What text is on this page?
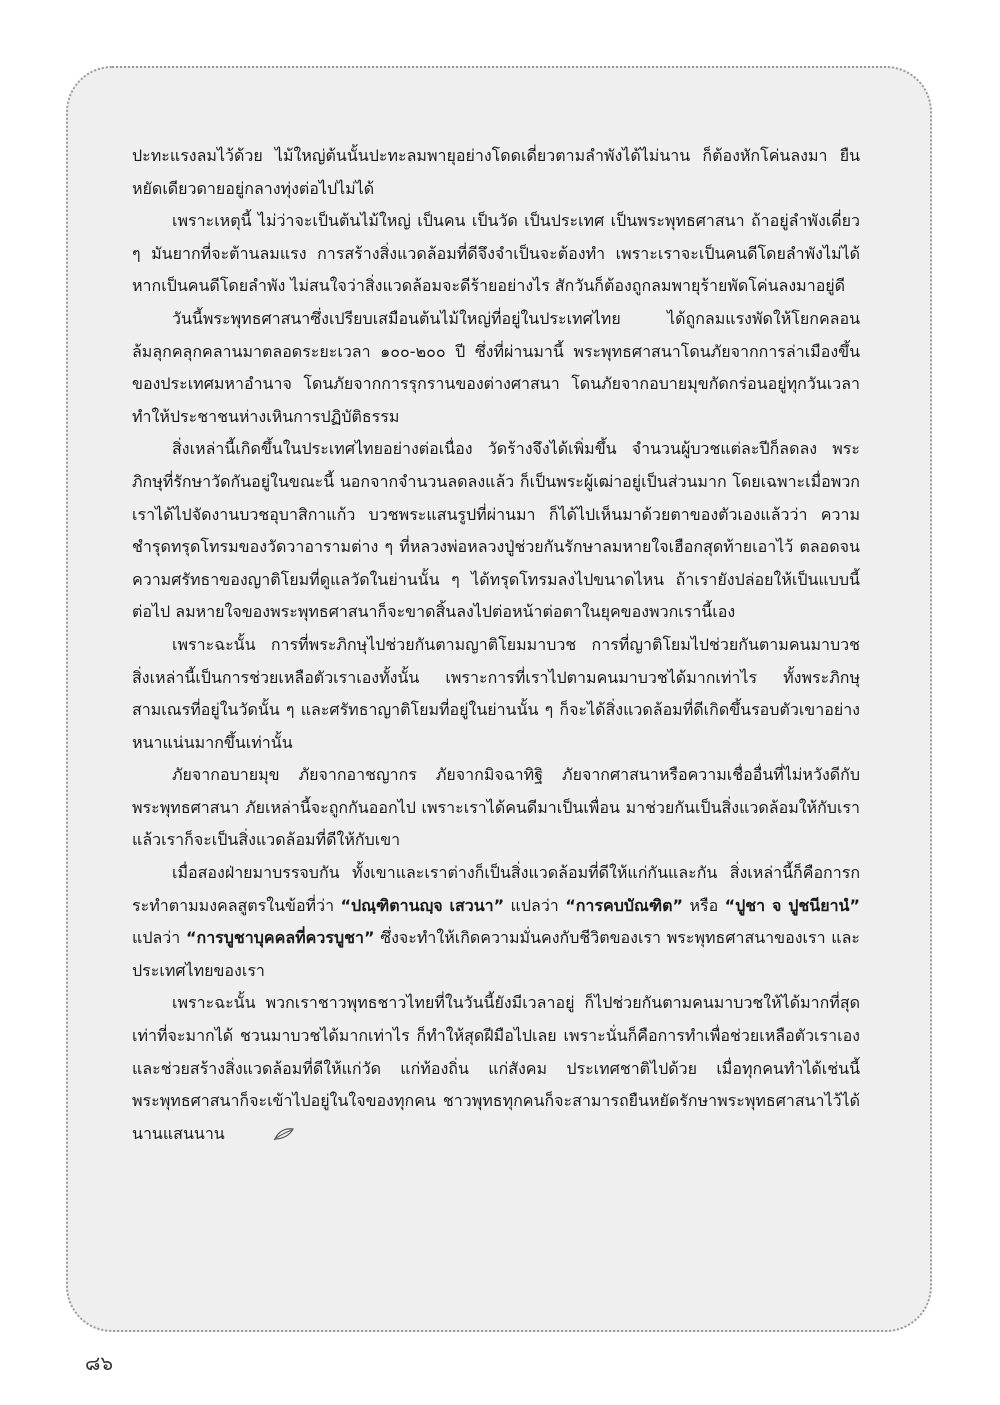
ปะทะแรงลมไว้ด้วย ไม้ใหญ่ต้นนั้นปะทะลมพายุอย่างโดดเดี่ยวตามลำพังได้ไม่นาน ก็ต้องหักโค่นลงมา ยืนหยัดเดียวดายอยู่กลางทุ่งต่อไปไม่ได้

เพราะเหตุนี้ ไม่ว่าจะเป็นต้นไม้ใหญ่ เป็นคน เป็นวัด เป็นประเทศ เป็นพระพุทธศาสนา ถ้าอยู่ลำพังเดี่ยว ๆ มันยากที่จะต้านลมแรง การสร้างสิ่งแวดล้อมที่ดีจึงจำเป็นจะต้องทำ เพราะเราจะเป็นคนดีโดยลำพังไม่ได้ หากเป็นคนดีโดยลำพัง ไม่สนใจว่าสิ่งแวดล้อมจะดีร้ายอย่างไร สักวันก็ต้องถูกลมพายุร้ายพัดโค่นลงมาอยู่ดี

วันนี้พระพุทธศาสนาซึ่งเปรียบเสมือนต้นไม้ใหญ่ที่อยู่ในประเทศไทย ได้ถูกลมแรงพัดให้โยกคลอน ล้มลุกคลุกคลานมาตลอดระยะเวลา ๑๐๐-๒๐๐ ปี ซึ่งที่ผ่านมานี้ พระพุทธศาสนาโดนภัยจากการล่าเมืองขึ้นของประเทศมหาอำนาจ โดนภัยจากการรุกรานของต่างศาสนา โดนภัยจากอบายมุขกัดกร่อนอยู่ทุกวันเวลา ทำให้ประชาชนห่างเหินการปฏิบัติธรรม

สิ่งเหล่านี้เกิดขึ้นในประเทศไทยอย่างต่อเนื่อง วัดร้างจึงได้เพิ่มขึ้น จำนวนผู้บวชแต่ละปีก็ลดลง พระภิกษุที่รักษาวัดกันอยู่ในขณะนี้ นอกจากจำนวนลดลงแล้ว ก็เป็นพระผู้เฒ่าอยู่เป็นส่วนมาก โดยเฉพาะเมื่อพวกเราได้ไปจัดงานบวชอุบาสิกาแก้ว บวชพระแสนรูปที่ผ่านมา ก็ได้ไปเห็นมาด้วยตาของตัวเองแล้วว่า ความชำรุดทรุดโทรมของวัดวาอารามต่าง ๆ ที่หลวงพ่อหลวงปู่ช่วยกันรักษาลมหายใจเฮือกสุดท้ายเอาไว้ ตลอดจนความศรัทธาของญาติโยมที่ดูแลวัดในย่านนั้น ๆ ได้ทรุดโทรมลงไปขนาดไหน ถ้าเรายังปล่อยให้เป็นแบบนี้ต่อไป ลมหายใจของพระพุทธศาสนาก็จะขาดสิ้นลงไปต่อหน้าต่อตาในยุคของพวกเรานี้เอง

เพราะฉะนั้น การที่พระภิกษุไปช่วยกันตามญาติโยมมาบวช การที่ญาติโยมไปช่วยกันตามคนมาบวช สิ่งเหล่านี้เป็นการช่วยเหลือตัวเราเองทั้งนั้น เพราะการที่เราไปตามคนมาบวชได้มากเท่าไร ทั้งพระภิกษุสามเณรที่อยู่ในวัดนั้น ๆ และศรัทธาญาติโยมที่อยู่ในย่านนั้น ๆ ก็จะได้สิ่งแวดล้อมที่ดีเกิดขึ้นรอบตัวเขาอย่างหนาแน่นมากขึ้นเท่านั้น

ภัยจากอบายมุข ภัยจากอาชญากร ภัยจากมิจฉาทิฐิ ภัยจากศาสนาหรือความเชื่ออื่นที่ไม่หวังดีกับพระพุทธศาสนา ภัยเหล่านี้จะถูกกันออกไป เพราะเราได้คนดีมาเป็นเพื่อน มาช่วยกันเป็นสิ่งแวดล้อมให้กับเรา แล้วเราก็จะเป็นสิ่งแวดล้อมที่ดีให้กับเขา

เมื่อสองฝ่ายมาบรรจบกัน ทั้งเขาและเราต่างก็เป็นสิ่งแวดล้อมที่ดีให้แก่กันและกัน สิ่งเหล่านี้ก็คือการกระทำตามมงคลสูตรในข้อที่ว่า “ปณฺฑิตานญฺจ เสวนา” แปลว่า “การคบบัณฑิต” หรือ “ปูชา จ ปูชนียานํ” แปลว่า “การบูชาบุคคลที่ควรบูชา” ซึ่งจะทำให้เกิดความมั่นคงกับชีวิตของเรา พระพุทธศาสนาของเรา และประเทศไทยของเรา

เพราะฉะนั้น พวกเราชาวพุทธชาวไทยที่ในวันนี้ยังมีเวลาอยู่ ก็ไปช่วยกันตามคนมาบวชให้ได้มากที่สุดเท่าที่จะมากได้ ชวนมาบวชได้มากเท่าไร ก็ทำให้สุดฝีมือไปเลย เพราะนั่นก็คือการทำเพื่อช่วยเหลือตัวเราเอง และช่วยสร้างสิ่งแวดล้อมที่ดีให้แก่วัด แก่ท้องถิ่น แก่สังคม ประเทศชาติไปด้วย เมื่อทุกคนทำได้เช่นนี้ พระพุทธศาสนาก็จะเข้าไปอยู่ในใจของทุกคน ชาวพุทธทุกคนก็จะสามารถยืนหยัดรักษาพระพุทธศาสนาไว้ได้นานแสนนาน

๘๖
